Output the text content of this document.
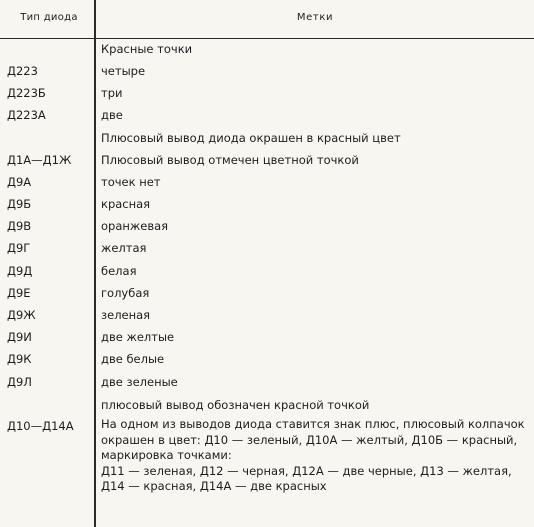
Тип диода	Метки
Красные точки
Д223	четыре
Д223Б	три
Д223А	две
Плюсовый вывод диода окрашен в красный цвет
Д1А—Д1Ж	Плюсовый вывод отмечен цветной точкой
Д9А	точек нет
Д9Б	красная
Д9В	оранжевая
Д9Г	желтая
Д9Д	белая
Д9Е	голубая
Д9Ж	зеленая
Д9И	две желтые
Д9К	две белые
Д9Л	две зеленые
плюсовый вывод обозначен красной точкой
Д10—Д14А На одном из выводов диода ставится знак плюс, плюсовый колпачок окрашен в цвет: Д10 — зеленый, Д10А — желтый, Д10Б — красный,
маркировка точками:
Д11 — зеленая, Д12 — черная, Д12А — две черные, Д13 — желтая, Д14 — красная, Д14А — две красных
